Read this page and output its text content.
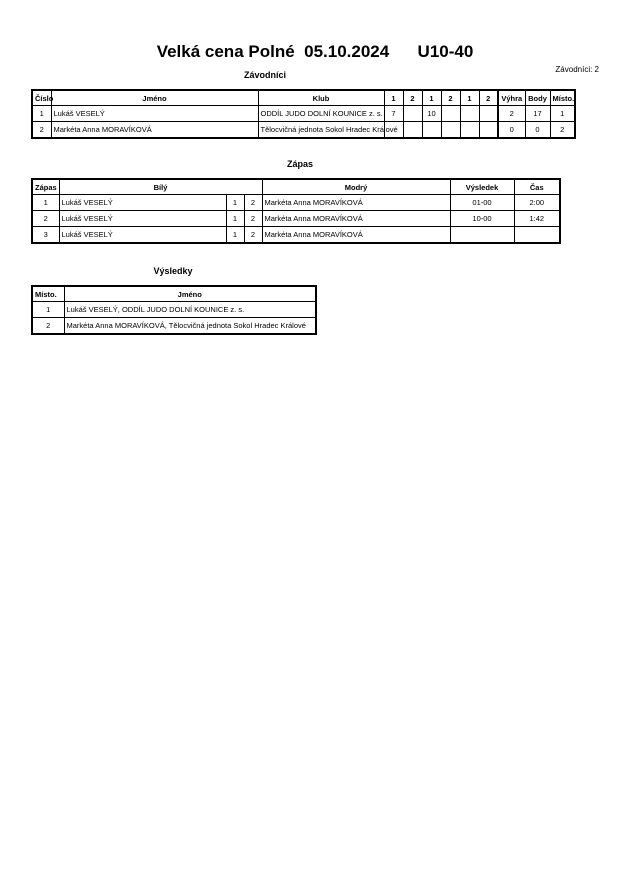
Velká cena Polné 05.10.2024 U10-40
Závodníci: 2
Závodníci
Číslo	Jméno	Klub	1	2	1	2	1	2	Výhra	Body	Místo.
1	Lukáš VESELÝ	ODDÍL JUDO DOLNÍ KOUNICE z. s.	7		10				2	17	1
2	Markéta Anna MORAVÍKOVÁ	Tělocvičná jednota Sokol Hradec Králové							0	0	2
Zápas
Zápas	Bílý			Modrý	Výsledek	Čas
1	Lukáš VESELÝ	1	2	Markéta Anna MORAVÍKOVÁ	01-00	2:00
2	Lukáš VESELÝ	1	2	Markéta Anna MORAVÍKOVÁ	10-00	1:42
3	Lukáš VESELÝ	1	2	Markéta Anna MORAVÍKOVÁ		
Výsledky
Místo.	Jméno
1	Lukáš VESELÝ, ODDÍL JUDO DOLNÍ KOUNICE z. s.
2	Markéta Anna MORAVÍKOVÁ, Tělocvičná jednota Sokol Hradec Králové
